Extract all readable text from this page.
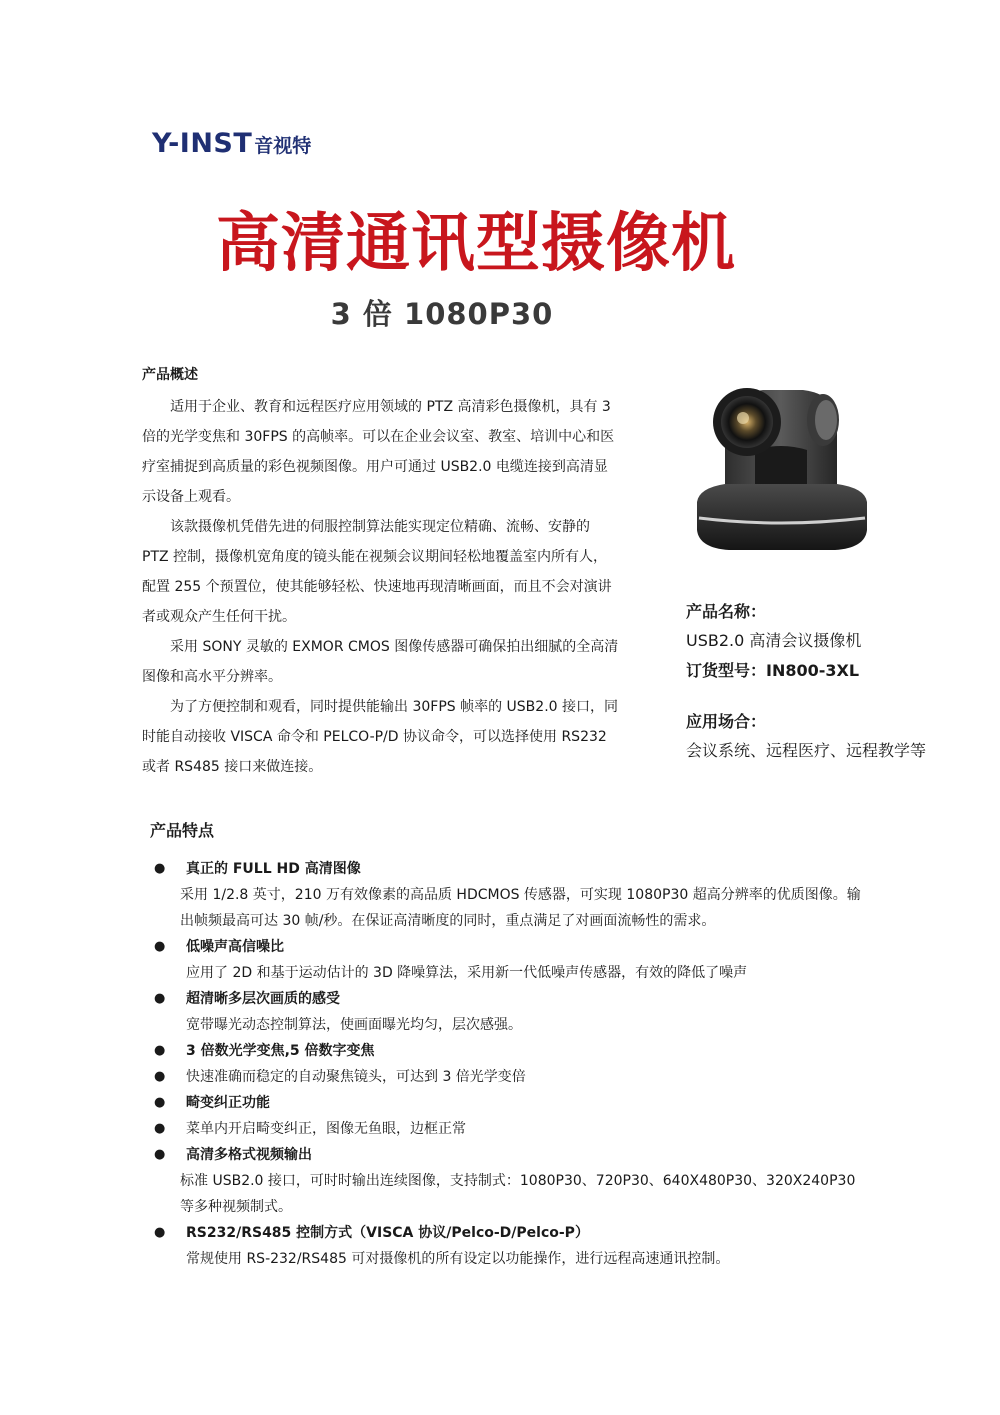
Y-INST 音视特
高清通讯型摄像机
3 倍 1080P30
产品概述

适用于企业、教育和远程医疗应用领域的 PTZ 高清彩色摄像机，具有 3 倍的光学变焦和 30FPS 的高帧率。可以在企业会议室、教室、培训中心和医疗室捕捉到高质量的彩色视频图像。用户可通过 USB2.0 电缆连接到高清显示设备上观看。

该款摄像机凭借先进的伺服控制算法能实现定位精确、流畅、安静的 PTZ 控制，摄像机宽角度的镜头能在视频会议期间轻松地覆盖室内所有人，配置 255 个预置位，使其能够轻松、快速地再现清晰画面，而且不会对演讲者或观众产生任何干扰。

采用 SONY 灵敏的 EXMOR CMOS 图像传感器可确保拍出细腻的全高清图像和高水平分辨率。

为了方便控制和观看，同时提供能输出 30FPS 帧率的 USB2.0 接口，同时能自动接收 VISCA 命令和 PELCO-P/D 协议命令，可以选择使用 RS232 或者 RS485 接口来做连接。

产品名称：
USB2.0 高清会议摄像机
订货型号：IN800-3XL
应用场合：
会议系统、远程医疗、远程教学等
产品特点
● 真正的 FULL HD 高清图像
采用 1/2.8 英寸，210 万有效像素的高品质 HDCMOS 传感器，可实现 1080P30 超高分辨率的优质图像。输出帧频最高可达 30 帧/秒。在保证高清晰度的同时，重点满足了对画面流畅性的需求。
● 低噪声高信噪比
应用了 2D 和基于运动估计的 3D 降噪算法，采用新一代低噪声传感器，有效的降低了噪声
● 超清晰多层次画质的感受
宽带曝光动态控制算法，使画面曝光均匀，层次感强。
● 3 倍数光学变焦,5 倍数字变焦
● 快速准确而稳定的自动聚焦镜头，可达到 3 倍光学变倍
● 畸变纠正功能
● 菜单内开启畸变纠正，图像无鱼眼，边框正常
● 高清多格式视频输出
标准 USB2.0 接口，可时时输出连续图像，支持制式：1080P30、720P30、640X480P30、320X240P30 等多种视频制式。
● RS232/RS485 控制方式（VISCA 协议/Pelco-D/Pelco-P）
常规使用 RS-232/RS485 可对摄像机的所有设定以功能操作，进行远程高速通讯控制。
